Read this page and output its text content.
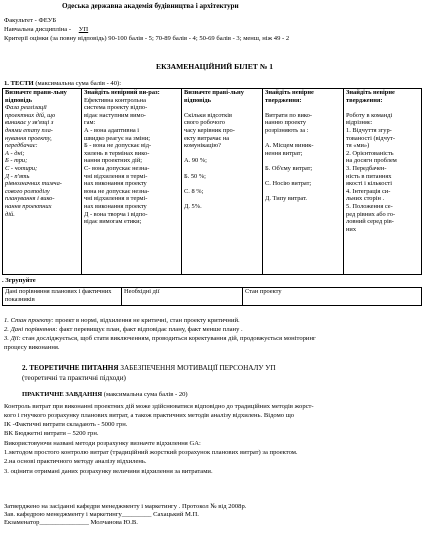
Одеська державна академія будівництва і архітектури
Факультет - ФЕУБ
Навчальна дисципліна - УП
Критерії оцінки (за повну відповідь) 90-100 балів - 5; 70-89 балів - 4; 50-69 балів - 3; менш, ніж 49 - 2
ЕКЗАМЕНАЦІЙНИЙ БІЛЕТ № 1
1. ТЕСТИ (максимальна сума балів - 40):

Визначте прави-льну відповідь

Фаза реалізації

проектних дій, що

виникає у зв'язці з

днями етапу пла-

нування проекту,

передбачає:

А - дні;

Б - три;

С - чотири;

Д - п'ять

рівнозначних тимча-

сового розподілу

планування і вико-

нання проектних

дій.

Знайдіть невірний ви-раз:

Ефективна контрольна

система проекту відпо-

відає наступним вимо-

гам:

А - вона адаптивна і

швидко реагує на зміни;

Б - вона не допускає від-

хилень в термінах вико-

нання проектних дій;

С- вона допускає незна-

чні відхилення в термі-

нах виконання проекту

вона не допускає незна-

чні відхилення в термі-

нах виконання проекту

Д - вона творча і відпо-

відає вимогам етики;

Визначте праві-льну відповідь

Скільки відсоткiв

свого робочого

часу керівник про-

екту витрачає на

комунікацію?

А. 90 %;

Б. 50 %;

С. 8 %;

Д. 5%.

Знайдіть невірне твердження:

Витрати по вико-

нанню проекту

розрізняють за :

А. Місцем виник-

нення витрат;

Б. Об'єму витрат;

С. Носію витрат;

Д. Типу витрат.

Знайдіть невірне твердження:

Роботу в команді

відрізняє:

1. Відчуття згур-

тованості (відчут-

тя «ми»)

2. Орієнтованість

на досягн проблем

3. Передбачен-

ність в питаннях

якості і кількості

4. Інтеграція си-

льних сторін .

5. Положення се-

ред рівних або го-

ловний серед рів-

них

. Згрупуйте

Дані порівняння планових і фактичних показників

Необхідні дії	Стан проекту

1. Стан проекту: проект в нормі, відхилення не критичні, стан проекту критичний.
2. Дані порівняння: факт перевищує план, факт відповідає плану, факт менше плану .
3. Дії: стан досліджується, щоб стати виключенням, проводиться коректування дій, продовжується моніторинг
процесу виконання.
2. ТЕОРЕТИЧНЕ ПИТАННЯ ЗАБЕЗПЕЧЕННЯ МОТИВАЦІЇ ПЕРСОНАЛУ УП
(теоретичні та практичні підходи)
ПРАКТИЧНЕ ЗАВДАННЯ (максимальна сума балів - 20)
Контроль витрат при виконанні проектних дій може здійснюватися відповідно до традиційних методів жорст-
кого і гнучкого розрахунку планових витрат, а також практичних методів аналізу відхилень. Відомо що
IK -Фактичні витрати складають - 5000 грн.
BK Бюджетні витрати – 5200 грн.
Використовуючи названі методи розрахунку визначте відхилення GA:
1.методом простого контролю витрат (традиційний жорсткий розрахунок планових витрат) за проектом.
2.на основі практичного методу аналізу відхилень.
3. оцінити отримані даних розрахунку величини відхилення за витратами.
Затверджено на засіданні кафедри менеджменту і маркетингу . Протокол № від 2008р.
Зав. кафедрою менеджменту і маркетингу_________ Сахацький М.П.
Екзаменатор_______________ Молчанова Ю.В.
